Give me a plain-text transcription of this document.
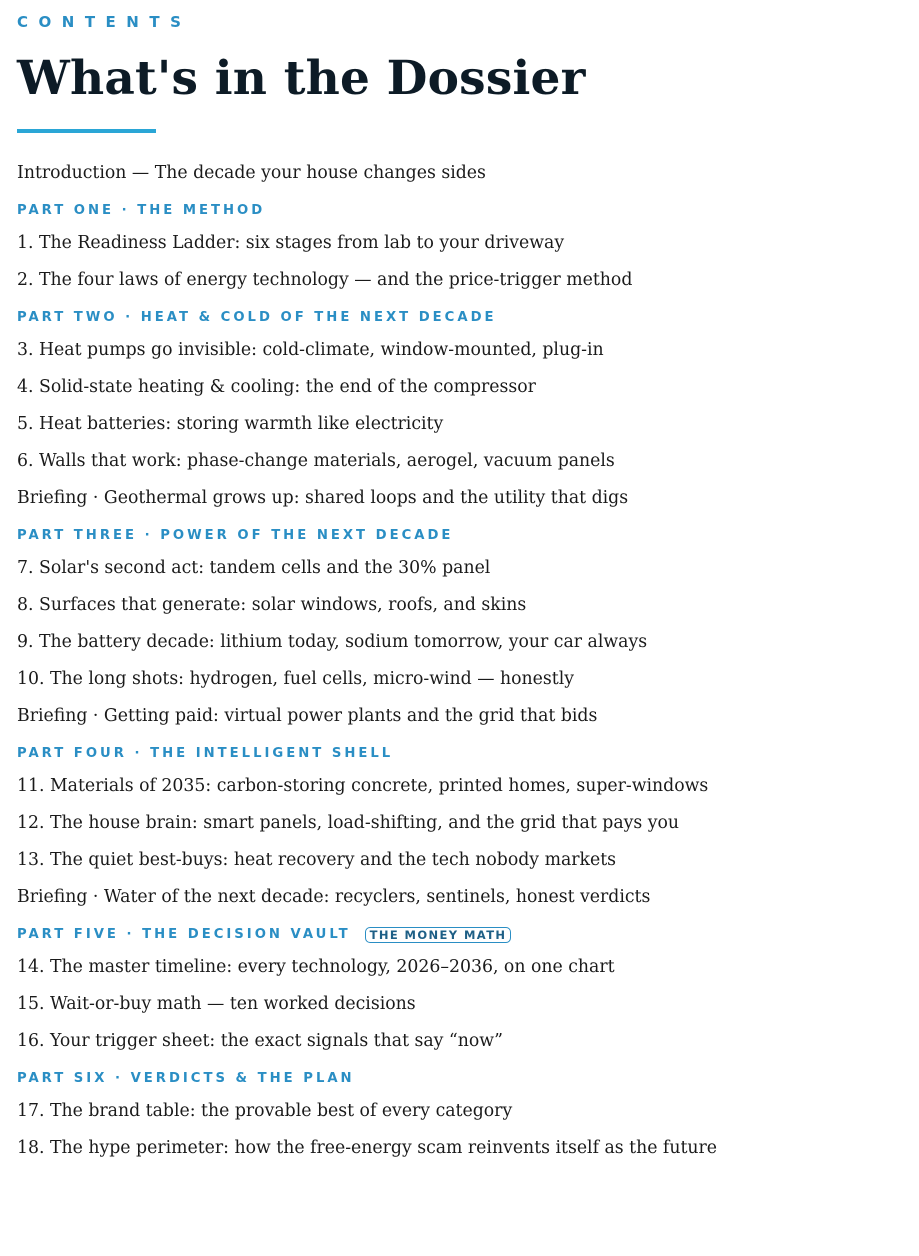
CONTENTS
What's in the Dossier
Introduction — The decade your house changes sides
PART ONE · THE METHOD
1. The Readiness Ladder: six stages from lab to your driveway
2. The four laws of energy technology — and the price-trigger method
PART TWO · HEAT & COLD OF THE NEXT DECADE
3. Heat pumps go invisible: cold-climate, window-mounted, plug-in
4. Solid-state heating & cooling: the end of the compressor
5. Heat batteries: storing warmth like electricity
6. Walls that work: phase-change materials, aerogel, vacuum panels
Briefing · Geothermal grows up: shared loops and the utility that digs
PART THREE · POWER OF THE NEXT DECADE
7. Solar's second act: tandem cells and the 30% panel
8. Surfaces that generate: solar windows, roofs, and skins
9. The battery decade: lithium today, sodium tomorrow, your car always
10. The long shots: hydrogen, fuel cells, micro-wind — honestly
Briefing · Getting paid: virtual power plants and the grid that bids
PART FOUR · THE INTELLIGENT SHELL
11. Materials of 2035: carbon-storing concrete, printed homes, super-windows
12. The house brain: smart panels, load-shifting, and the grid that pays you
13. The quiet best-buys: heat recovery and the tech nobody markets
Briefing · Water of the next decade: recyclers, sentinels, honest verdicts
PART FIVE · THE DECISION VAULT	THE MONEY MATH
14. The master timeline: every technology, 2026–2036, on one chart
15. Wait-or-buy math — ten worked decisions
16. Your trigger sheet: the exact signals that say “now”
PART SIX · VERDICTS & THE PLAN
17. The brand table: the provable best of every category
18. The hype perimeter: how the free-energy scam reinvents itself as the future
